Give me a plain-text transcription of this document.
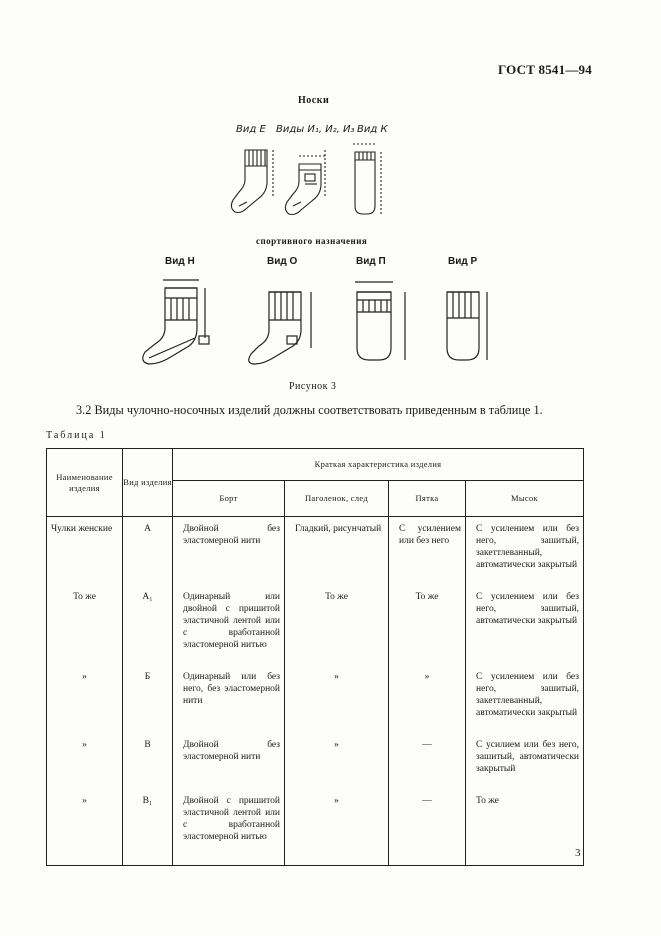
ГОСТ 8541—94
Носки
Вид Е Виды И₁, И₂, И₃ Вид К
спортивного назначения
Вид Н	Вид О	Вид П	Вид Р
Рисунок 3
3.2 Виды чулочно-носочных изделий должны соответствовать приведенным в таблице 1.
Таблица 1
Наименование изделия	Вид изделия	Краткая характеристика изделия			
		Борт	Паголенок, след	Пятка	Мысок
Чулки женские	А	Двойной без эластомерной нити	Гладкий, рисунчатый	С усилением или без него	С усилением или без него, зашитый, закеттлеванный, автоматически закрытый
То же	А₁	Одинарный или двойной с пришитой эластичной лентой или с вработанной эластомерной нитью	То же	То же	С усилением или без него, зашитый, автоматически закрытый
»	Б	Одинарный или без него, без эластомерной нити	»	»	С усилением или без него, зашитый, закеттлеванный, автоматически закрытый
»	В	Двойной без эластомерной нити	»	—	С усилием или без него, зашитый, автоматически закрытый
»	В₁	Двойной с пришитой эластичной лентой или с вработанной эластомерной нитью	»	—	То же
3
